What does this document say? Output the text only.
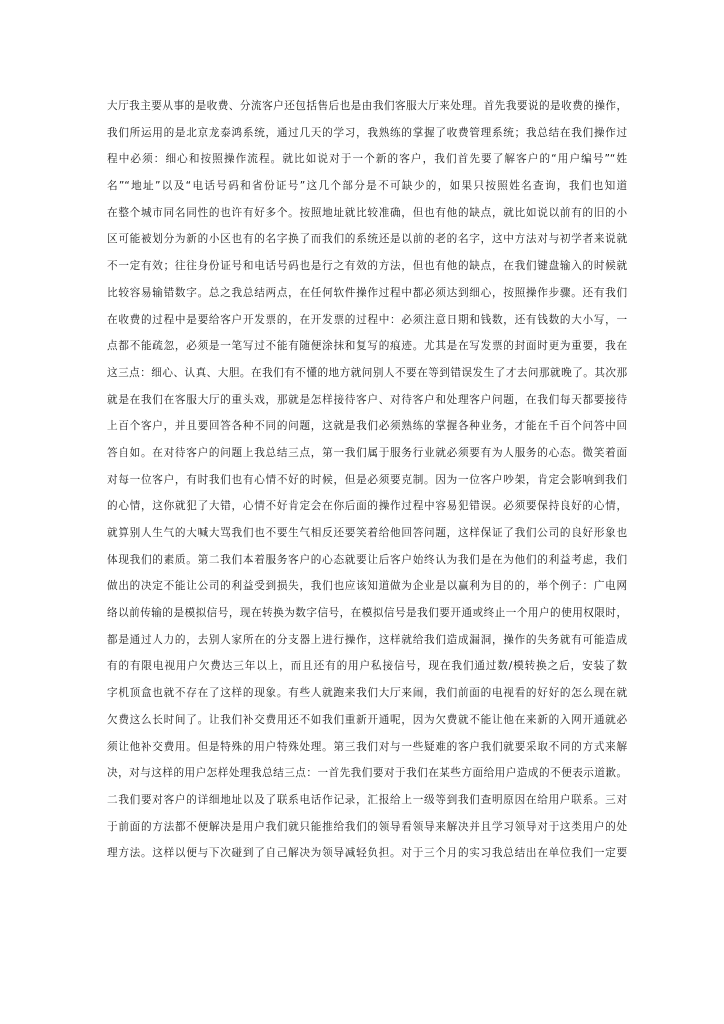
大厅我主要从事的是收费、分流客户还包括售后也是由我们客服大厅来处理。首先我要说的是收费的操作，
我们所运用的是北京龙泰鸿系统，通过几天的学习，我熟练的掌握了收费管理系统；我总结在我们操作过
程中必须：细心和按照操作流程。就比如说对于一个新的客户，我们首先要了解客户的“用户编号”“姓
名”“地址”以及“电话号码和省份证号”这几个部分是不可缺少的，如果只按照姓名查询，我们也知道
在整个城市同名同性的也许有好多个。按照地址就比较准确，但也有他的缺点，就比如说以前有的旧的小
区可能被划分为新的小区也有的名字换了而我们的系统还是以前的老的名字，这中方法对与初学者来说就
不一定有效；往往身份证号和电话号码也是行之有效的方法，但也有他的缺点，在我们键盘输入的时候就
比较容易输错数字。总之我总结两点，在任何软件操作过程中都必须达到细心，按照操作步骤。还有我们
在收费的过程中是要给客户开发票的，在开发票的过程中：必须注意日期和钱数，还有钱数的大小写，一
点都不能疏忽，必须是一笔写过不能有随便涂抹和复写的痕迹。尤其是在写发票的封面时更为重要，我在
这三点：细心、认真、大胆。在我们有不懂的地方就问别人不要在等到错误发生了才去问那就晚了。其次那
就是在我们在客服大厅的重头戏，那就是怎样接待客户、对待客户和处理客户问题，在我们每天都要接待
上百个客户，并且要回答各种不同的问题，这就是我们必须熟练的掌握各种业务，才能在千百个问答中回
答自如。在对待客户的问题上我总结三点，第一我们属于服务行业就必须要有为人服务的心态。微笑着面
对每一位客户，有时我们也有心情不好的时候，但是必须要克制。因为一位客户吵架，肯定会影响到我们
的心情，这你就犯了大错，心情不好肯定会在你后面的操作过程中容易犯错误。必须要保持良好的心情，
就算别人生气的大喊大骂我们也不要生气相反还要笑着给他回答问题，这样保证了我们公司的良好形象也
体现我们的素质。第二我们本着服务客户的心态就要让后客户始终认为我们是在为他们的利益考虑，我们
做出的决定不能让公司的利益受到损失，我们也应该知道做为企业是以赢利为目的的，举个例子：广电网
络以前传输的是模拟信号，现在转换为数字信号，在模拟信号是我们要开通或终止一个用户的使用权限时，
都是通过人力的，去别人家所在的分支器上进行操作，这样就给我们造成漏洞，操作的失务就有可能造成
有的有限电视用户欠费达三年以上，而且还有的用户私接信号，现在我们通过数/模转换之后，安装了数
字机顶盒也就不存在了这样的现象。有些人就跑来我们大厅来闹，我们前面的电视看的好好的怎么现在就
欠费这么长时间了。让我们补交费用还不如我们重新开通呢，因为欠费就不能让他在来新的入网开通就必
须让他补交费用。但是特殊的用户特殊处理。第三我们对与一些疑难的客户我们就要采取不同的方式来解
决，对与这样的用户怎样处理我总结三点：一首先我们要对于我们在某些方面给用户造成的不便表示道歉。
二我们要对客户的详细地址以及了联系电话作记录，汇报给上一级等到我们查明原因在给用户联系。三对
于前面的方法都不便解决是用户我们就只能推给我们的领导看领导来解决并且学习领导对于这类用户的处
理方法。这样以便与下次碰到了自己解决为领导减轻负担。对于三个月的实习我总结出在单位我们一定要
